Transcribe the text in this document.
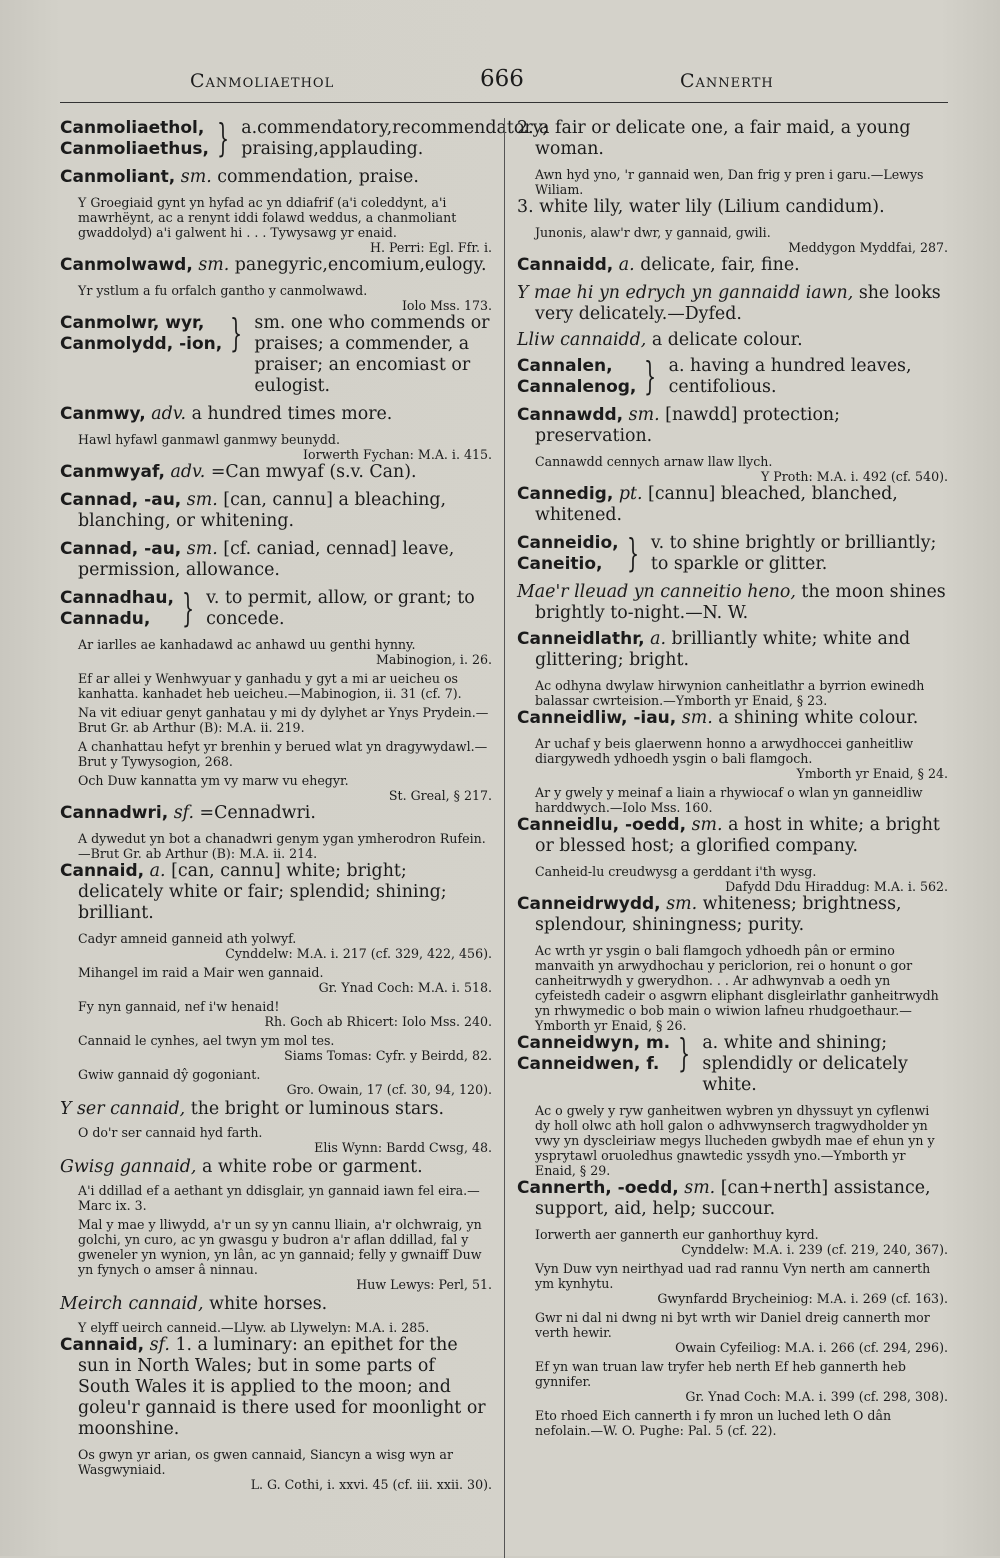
Canmoliaethol	666	Cannerth
Canmoliaethol,
Canmoliaethus, } a.commendatory,recommendatory; praising,applauding.
Canmoliant, sm. commendation, praise.
Y Groegiaid gynt yn hyfad ac yn ddiafrif (a'i coleddynt, a'i mawrhëynt, ac a renynt iddi folawd weddus, a chanmoliant gwaddolyd) a'i galwent hi . . . Tywysawg yr enaid.
H. Perri: Egl. Ffr. i.
Canmolwawd, sm. panegyric,encomium,eulogy.
Yr ystlum a fu orfalch gantho y canmolwawd.
Iolo Mss. 173.
Canmolwr, wyr,
Canmolydd, -ion, } sm. one who commends or praises; a commender, a praiser; an encomiast or eulogist.
Canmwy, adv. a hundred times more.
Hawl hyfawl ganmawl ganmwy beunydd.
Iorwerth Fychan: M.A. i. 415.
Canmwyaf, adv. =Can mwyaf (s.v. Can).
Cannad, -au, sm. [can, cannu] a bleaching, blanching, or whitening.
Cannad, -au, sm. [cf. caniad, cennad] leave, permission, allowance.
Cannadhau,
Cannadu, } v. to permit, allow, or grant; to concede.
Ar iarlles ae kanhadawd ac anhawd uu genthi hynny.
Mabinogion, i. 26.
Ef ar allei y Wenhwyuar y ganhadu y gyt a mi ar ueicheu os kanhatta. kanhadet heb ueicheu.—Mabinogion, ii. 31 (cf. 7).
Na vit ediuar genyt ganhatau y mi dy dylyhet ar Ynys Prydein.—Brut Gr. ab Arthur (B): M.A. ii. 219.
A chanhattau hefyt yr brenhin y berued wlat yn dragywydawl.—Brut y Tywysogion, 268.
Och Duw kannatta ym vy marw vu ehegyr.
St. Greal, § 217.
Cannadwri, sf. =Cennadwri.
A dywedut yn bot a chanadwri genym ygan ymherodron Rufein.—Brut Gr. ab Arthur (B): M.A. ii. 214.
Cannaid, a. [can, cannu] white; bright; delicately white or fair; splendid; shining; brilliant.
Cadyr amneid ganneid ath yolwyf.
Cynddelw: M.A. i. 217 (cf. 329, 422, 456).
Mihangel im raid a Mair wen gannaid.
Gr. Ynad Coch: M.A. i. 518.
Fy nyn gannaid, nef i'w henaid!
Rh. Goch ab Rhicert: Iolo Mss. 240.
Cannaid le cynhes, ael twyn ym mol tes.
Siams Tomas: Cyfr. y Beirdd, 82.
Gwiw gannaid dŷ gogoniant.
Gro. Owain, 17 (cf. 30, 94, 120).
Y ser cannaid, the bright or luminous stars.
O do'r ser cannaid hyd farth.
Elis Wynn: Bardd Cwsg, 48.
Gwisg gannaid, a white robe or garment.
A'i ddillad ef a aethant yn ddisglair, yn gannaid iawn fel eira.—Marc ix. 3.
Mal y mae y lliwydd, a'r un sy yn cannu lliain, a'r olchwraig, yn golchi, yn curo, ac yn gwasgu y budron a'r aflan ddillad, fal y gweneler yn wynion, yn lân, ac yn gannaid; felly y gwnaiff Duw yn fynych o amser â ninnau.
Huw Lewys: Perl, 51.
Meirch cannaid, white horses.
Y elyff ueirch canneid.—Llyw. ab Llywelyn: M.A. i. 285.
Cannaid, sf. 1. a luminary: an epithet for the sun in North Wales; but in some parts of South Wales it is applied to the moon; and goleu'r gannaid is there used for moonlight or moonshine.
Os gwyn yr arian, os gwen cannaid, Siancyn a wisg wyn ar Wasgwyniaid.
L. G. Cothi, i. xxvi. 45 (cf. iii. xxii. 30).
2. a fair or delicate one, a fair maid, a young woman.
Awn hyd yno, 'r gannaid wen, Dan frig y pren i garu.—Lewys Wiliam.
3. white lily, water lily (Lilium candidum).
Junonis, alaw'r dwr, y gannaid, gwili.
Meddygon Myddfai, 287.
Cannaidd, a. delicate, fair, fine.
Y mae hi yn edrych yn gannaidd iawn, she looks very delicately.—Dyfed.
Lliw cannaidd, a delicate colour.
Cannalen,
Cannalenog, } a. having a hundred leaves, centifolious.
Cannawdd, sm. [nawdd] protection; preservation.
Cannawdd cennych arnaw llaw llych.
Y Proth: M.A. i. 492 (cf. 540).
Cannedig, pt. [cannu] bleached, blanched, whitened.
Canneidio,
Caneitio, } v. to shine brightly or brilliantly; to sparkle or glitter.
Mae'r lleuad yn canneitio heno, the moon shines brightly to-night.—N. W.
Canneidlathr, a. brilliantly white; white and glittering; bright.
Ac odhyna dwylaw hirwynion canheitlathr a byrrion ewinedh balassar cwrteision.—Ymborth yr Enaid, § 23.
Canneidliw, -iau, sm. a shining white colour.
Ar uchaf y beis glaerwenn honno a arwydhoccei ganheitliw diargywedh ydhoedh ysgin o bali flamgoch.
Ymborth yr Enaid, § 24.
Ar y gwely y meinaf a liain a rhywiocaf o wlan yn ganneidliw harddwych.—Iolo Mss. 160.
Canneidlu, -oedd, sm. a host in white; a bright or blessed host; a glorified company.
Canheid-lu creudwysg a gerddant i'th wysg.
Dafydd Ddu Hiraddug: M.A. i. 562.
Canneidrwydd, sm. whiteness; brightness, splendour, shiningness; purity.
Ac wrth yr ysgin o bali flamgoch ydhoedh pân or ermino manvaith yn arwydhochau y periclorion, rei o honunt o gor canheitrwydh y gwerydhon. . . Ar adhwynvab a oedh yn cyfeistedh cadeir o asgwrn eliphant disgleirlathr ganheitrwydh yn rhwymedic o bob main o wiwion lafneu rhudgoethaur.—Ymborth yr Enaid, § 26.
Canneidwyn, m.
Canneidwen, f. } a. white and shining; splendidly or delicately white.
Ac o gwely y ryw ganheitwen wybren yn dhyssuyt yn cyflenwi dy holl olwc ath holl galon o adhvwynserch tragwydholder yn vwy yn dyscleiriaw megys llucheden gwbydh mae ef ehun yn y ysprytawl oruoledhus gnawtedic yssydh yno.—Ymborth yr Enaid, § 29.
Cannerth, -oedd, sm. [can+nerth] assistance, support, aid, help; succour.
Iorwerth aer gannerth eur ganhorthuy kyrd.
Cynddelw: M.A. i. 239 (cf. 219, 240, 367).
Vyn Duw vyn neirthyad uad rad rannu Vyn nerth am cannerth ym kynhytu.
Gwynfardd Brycheiniog: M.A. i. 269 (cf. 163).
Gwr ni dal ni dwng ni byt wrth wir Daniel dreig cannerth mor verth hewir.
Owain Cyfeiliog: M.A. i. 266 (cf. 294, 296).
Ef yn wan truan law tryfer heb nerth Ef heb gannerth heb gynnifer.
Gr. Ynad Coch: M.A. i. 399 (cf. 298, 308).
Eto rhoed Eich cannerth i fy mron un luched leth O dân nefolain.—W. O. Pughe: Pal. 5 (cf. 22).
